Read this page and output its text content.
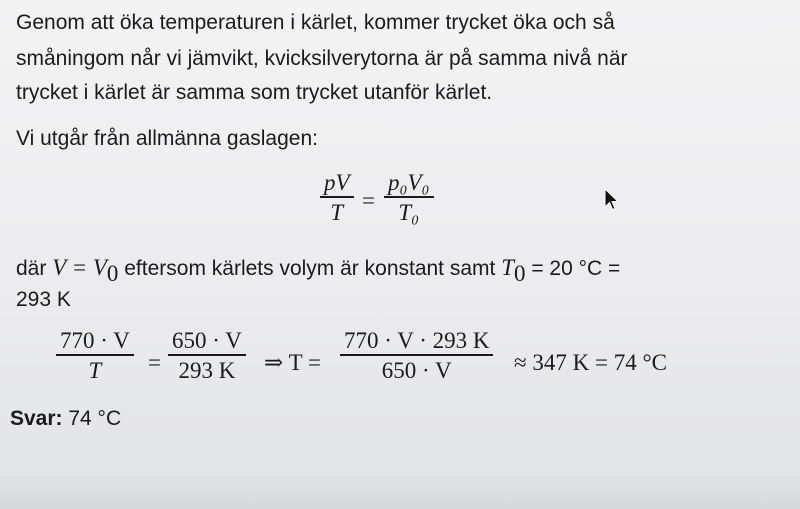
Genom att öka temperaturen i kärlet, kommer trycket öka och så

småningom når vi jämvikt, kvicksilverytorna är på samma nivå när

trycket i kärlet är samma som trycket utanför kärlet.

Vi utgår från allmänna gaslagen:

pV
T =
p₀V₀
T₀

där $V = V_0$ eftersom kärlets volym är konstant samt $T_0 = 20$ °C =

293 K

770 · V
T =
650 · V
293 K ⇒ T =
770 · V · 293 K
650 · V	≈ 347 K = 74 °C
Svar: 74 °C
